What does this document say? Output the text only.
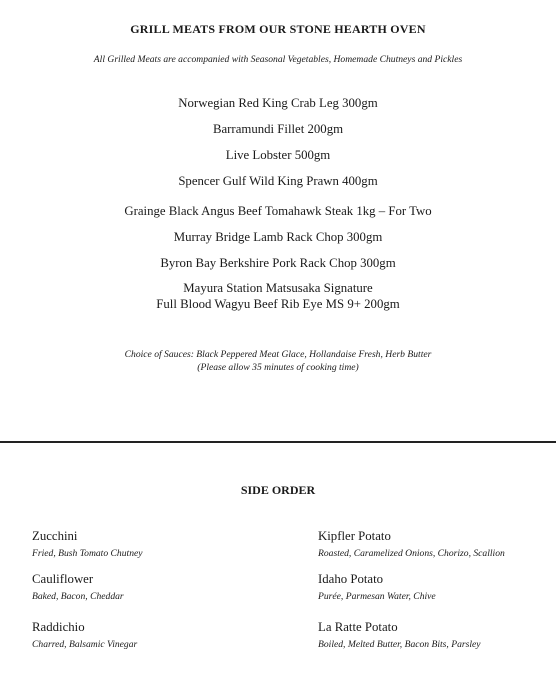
GRILL MEATS FROM OUR STONE HEARTH OVEN
All Grilled Meats are accompanied with Seasonal Vegetables, Homemade Chutneys and Pickles
Norwegian Red King Crab Leg 300gm
Barramundi Fillet 200gm
Live Lobster 500gm
Spencer Gulf Wild King Prawn 400gm
Grainge Black Angus Beef Tomahawk Steak 1kg – For Two
Murray Bridge Lamb Rack Chop 300gm
Byron Bay Berkshire Pork Rack Chop 300gm
Mayura Station Matsusaka Signature
Full Blood Wagyu Beef Rib Eye MS 9+ 200gm
Choice of Sauces: Black Peppered Meat Glace, Hollandaise Fresh, Herb Butter
(Please allow 35 minutes of cooking time)
SIDE ORDER
Zucchini
Fried, Bush Tomato Chutney
Kipfler Potato
Roasted, Caramelized Onions, Chorizo, Scallion
Cauliflower
Baked, Bacon, Cheddar
Idaho Potato
Purée, Parmesan Water, Chive
Raddichio
Charred, Balsamic Vinegar
La Ratte Potato
Boiled, Melted Butter, Bacon Bits, Parsley
